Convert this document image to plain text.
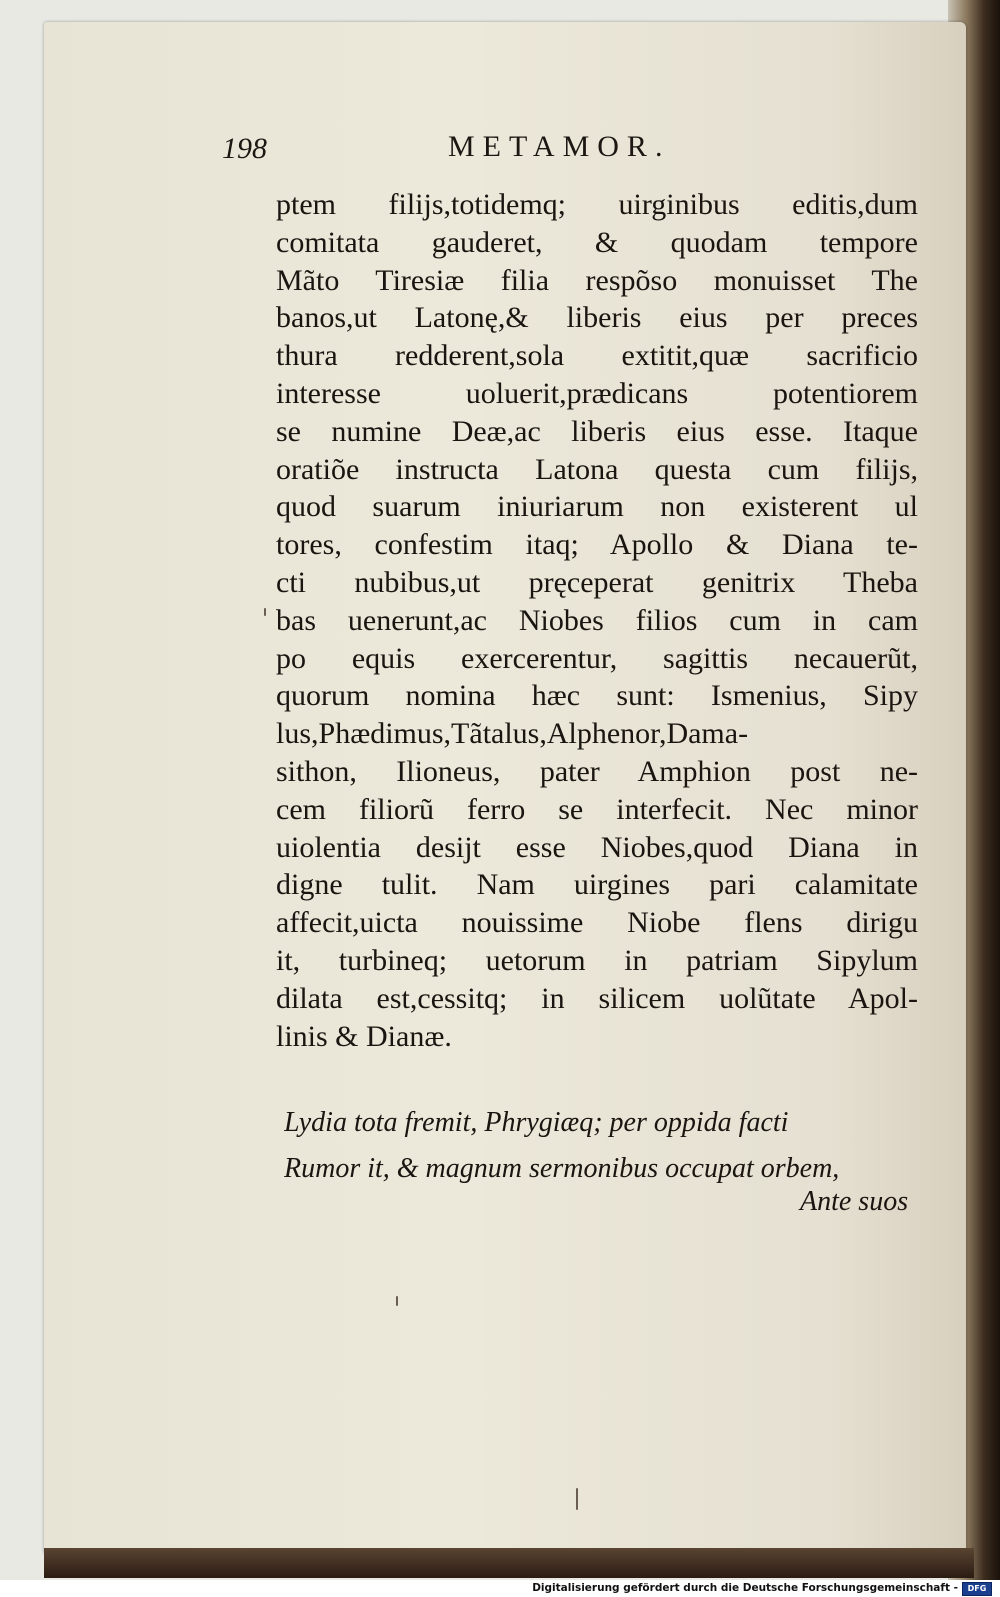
198	METAMOR.
ptem filijs,totidemq; uirginibus editis,dum
comitata gauderet, & quodam tempore
Mãto Tiresiæ filia respõso monuisset The
banos,ut Latonę,& liberis eius per preces
thura redderent,sola extitit,quæ sacrificio
interesse uoluerit,prædicans potentiorem
se numine Deæ,ac liberis eius esse. Itaque
oratiõe instructa Latona questa cum filijs,
quod suarum iniuriarum non existerent ul
tores, confestim itaq; Apollo & Diana te-
cti nubibus,ut pręceperat genitrix Theba
bas uenerunt,ac Niobes filios cum in cam
po equis exercerentur, sagittis necauerũt,
quorum nomina hæc sunt: Ismenius, Sipy
lus,Phædimus,Tãtalus,Alphenor,Dama-
sithon, Ilioneus, pater Amphion post ne-
cem filiorũ ferro se interfecit. Nec minor
uiolentia desijt esse Niobes,quod Diana in
digne tulit. Nam uirgines pari calamitate
affecit,uicta nouissime Niobe flens dirigu
it, turbineq; uetorum in patriam Sipylum
dilata est,cessitq; in silicem uolũtate Apol-
linis & Dianæ.
Lydia tota fremit, Phrygiæq; per oppida facti
Rumor it, & magnum sermonibus occupat orbem,
Ante suos
Digitalisierung gefördert durch die Deutsche Forschungsgemeinschaft -	DFG
